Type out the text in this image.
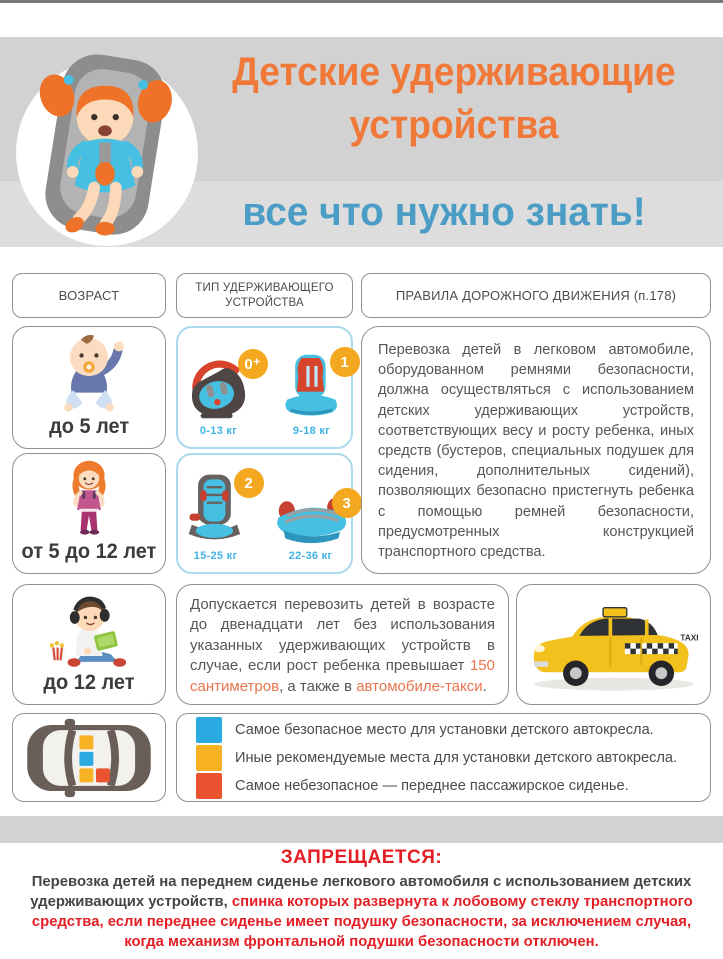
Детские удерживающие
устройства
все что нужно знать!
ВОЗРАСТ
ТИП УДЕРЖИВАЮЩЕГО УСТРОЙСТВА	ПРАВИЛА ДОРОЖНОГО ДВИЖЕНИЯ (п.178)
до 5 лет
0⁺
0-13 кг
1
9-18 кг
от 5 до 12 лет
2
15-25 кг
3
22-36 кг
Перевозка детей в легковом автомобиле, оборудованном ремнями безопасности, должна осуществляться с использованием детских удерживающих устройств, соответствующих весу и росту ребенка, иных средств (бустеров, специальных подушек для сидения, дополнительных сидений), позволяющих безопасно пристегнуть ребенка с помощью ремней безопасности, предусмотренных конструкцией транспортного средства.
до 12 лет
Допускается перевозить детей в возрасте до двенадцати лет без использования указанных удерживающих устройств в случае, если рост ребенка превышает 150 сантиметров, а также в автомобиле-такси.
TAXI
Самое безопасное место для установки детского автокресла.
Иные рекомендуемые места для установки детского автокресла.
Самое небезопасное — переднее пассажирское сиденье.
ЗАПРЕЩАЕТСЯ:
Перевозка детей на переднем сиденье легкового автомобиля с использованием детских удерживающих устройств, спинка которых развернута к лобовому стеклу транспортного средства, если переднее сиденье имеет подушку безопасности, за исключением случая, когда механизм фронтальной подушки безопасности отключен.
